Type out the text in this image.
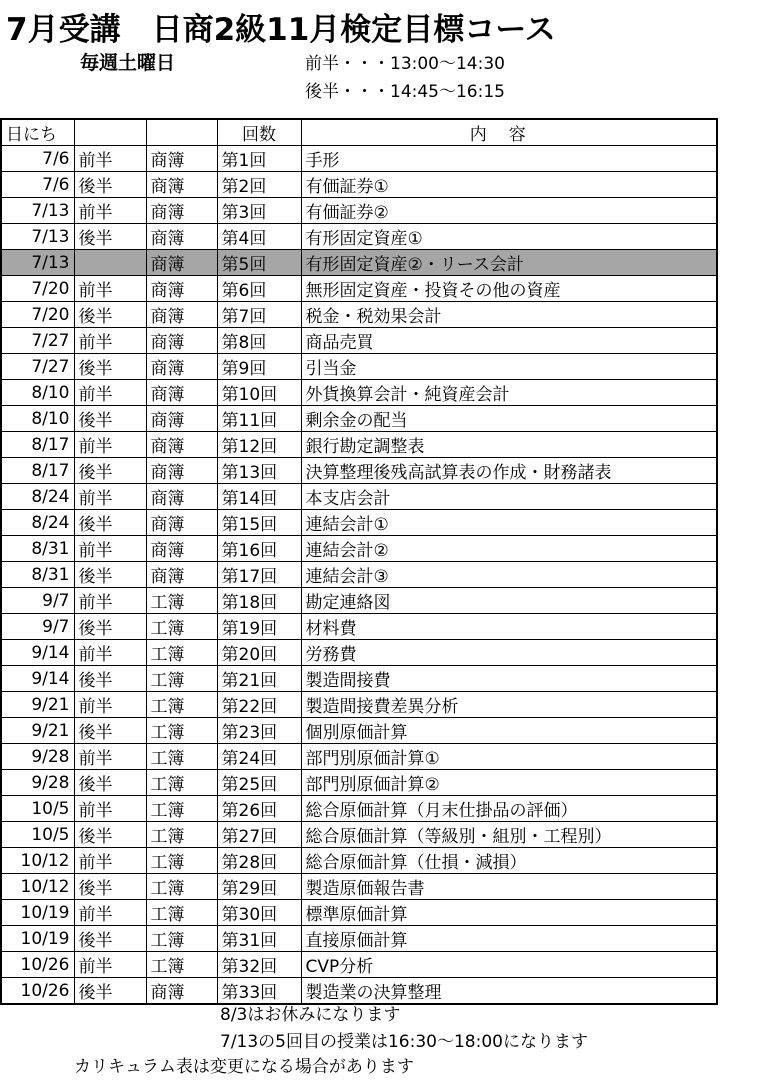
7月受講　日商2級11月検定目標コース
毎週土曜日	前半・・・13:00～14:30
後半・・・14:45～16:15
日にち			回数	内容
7/6	前半	商簿	第1回	手形
7/6	後半	商簿	第2回	有価証券①
7/13	前半	商簿	第3回	有価証券②
7/13	後半	商簿	第4回	有形固定資産①
7/13		商簿	第5回	有形固定資産②・リース会計
7/20	前半	商簿	第6回	無形固定資産・投資その他の資産
7/20	後半	商簿	第7回	税金・税効果会計
7/27	前半	商簿	第8回	商品売買
7/27	後半	商簿	第9回	引当金
8/10	前半	商簿	第10回	外貨換算会計・純資産会計
8/10	後半	商簿	第11回	剰余金の配当
8/17	前半	商簿	第12回	銀行勘定調整表
8/17	後半	商簿	第13回	決算整理後残高試算表の作成・財務諸表
8/24	前半	商簿	第14回	本支店会計
8/24	後半	商簿	第15回	連結会計①
8/31	前半	商簿	第16回	連結会計②
8/31	後半	商簿	第17回	連結会計③
9/7	前半	工簿	第18回	勘定連絡図
9/7	後半	工簿	第19回	材料費
9/14	前半	工簿	第20回	労務費
9/14	後半	工簿	第21回	製造間接費
9/21	前半	工簿	第22回	製造間接費差異分析
9/21	後半	工簿	第23回	個別原価計算
9/28	前半	工簿	第24回	部門別原価計算①
9/28	後半	工簿	第25回	部門別原価計算②
10/5	前半	工簿	第26回	総合原価計算（月末仕掛品の評価）
10/5	後半	工簿	第27回	総合原価計算（等級別・組別・工程別）
10/12	前半	工簿	第28回	総合原価計算（仕損・減損）
10/12	後半	工簿	第29回	製造原価報告書
10/19	前半	工簿	第30回	標準原価計算
10/19	後半	工簿	第31回	直接原価計算
10/26	前半	工簿	第32回	CVP分析
10/26	後半	商簿	第33回	製造業の決算整理
8/3はお休みになります
7/13の5回目の授業は16:30～18:00になります
カリキュラム表は変更になる場合があります
